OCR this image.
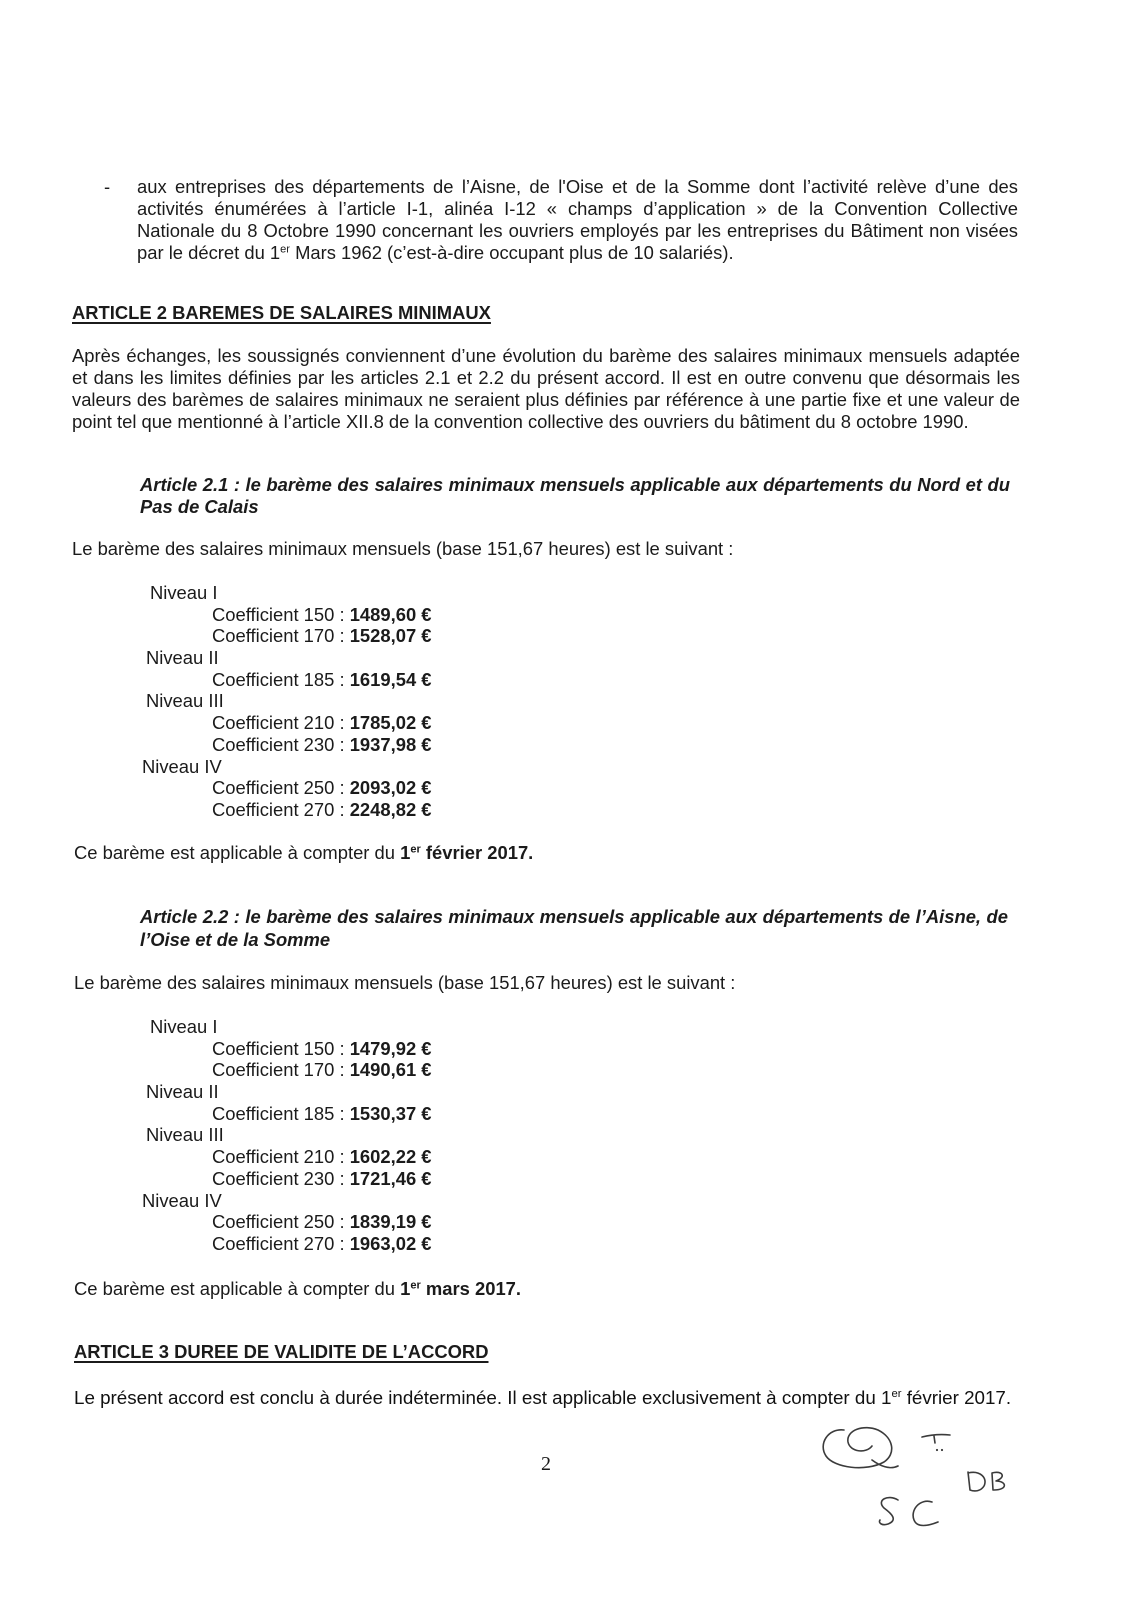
- aux entreprises des départements de l’Aisne, de l'Oise et de la Somme dont l’activité relève d’une des
activités énumérées à l’article I-1, alinéa I-12 « champs d’application » de la Convention Collective
Nationale du 8 Octobre 1990 concernant les ouvriers employés par les entreprises du Bâtiment non visées
par le décret du 1er Mars 1962 (c’est-à-dire occupant plus de 10 salariés).
ARTICLE 2 BAREMES DE SALAIRES MINIMAUX
Après échanges, les soussignés conviennent d’une évolution du barème des salaires minimaux mensuels adaptée
et dans les limites définies par les articles 2.1 et 2.2 du présent accord. Il est en outre convenu que désormais les
valeurs des barèmes de salaires minimaux ne seraient plus définies par référence à une partie fixe et une valeur de
point tel que mentionné à l’article XII.8 de la convention collective des ouvriers du bâtiment du 8 octobre 1990.
Article 2.1 : le barème des salaires minimaux mensuels applicable aux départements du Nord et du
Pas de Calais
Le barème des salaires minimaux mensuels (base 151,67 heures) est le suivant :
Niveau I
Coefficient 150 : 1489,60 €
Coefficient 170 : 1528,07 €
Niveau II
Coefficient 185 : 1619,54 €
Niveau III
Coefficient 210 : 1785,02 €
Coefficient 230 : 1937,98 €
Niveau IV
Coefficient 250 : 2093,02 €
Coefficient 270 : 2248,82 €
Ce barème est applicable à compter du 1er février 2017.
Article 2.2 : le barème des salaires minimaux mensuels applicable aux départements de l’Aisne, de
l’Oise et de la Somme
Le barème des salaires minimaux mensuels (base 151,67 heures) est le suivant :
Niveau I
Coefficient 150 : 1479,92 €
Coefficient 170 : 1490,61 €
Niveau II
Coefficient 185 : 1530,37 €
Niveau III
Coefficient 210 : 1602,22 €
Coefficient 230 : 1721,46 €
Niveau IV
Coefficient 250 : 1839,19 €
Coefficient 270 : 1963,02 €
Ce barème est applicable à compter du 1er mars 2017.
ARTICLE 3 DUREE DE VALIDITE DE L’ACCORD
Le présent accord est conclu à durée indéterminée. Il est applicable exclusivement à compter du 1er février 2017.
2
